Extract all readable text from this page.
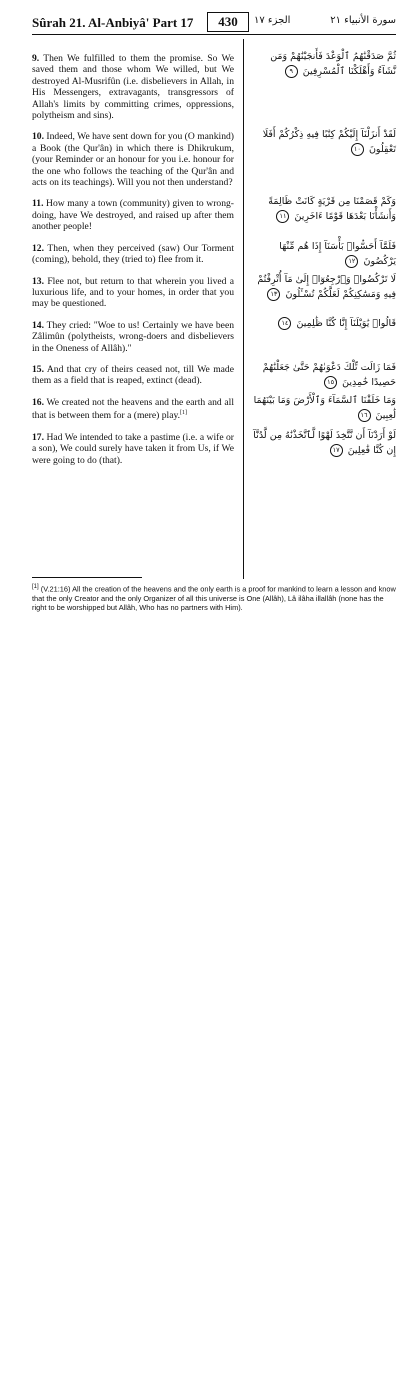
Sûrah 21. Al-Anbiyâ' Part 17	430	الجزء ١٧	سورة الأنبياء ٢١
9. Then We fulfilled to them the promise. So We saved them and those whom We willed, but We destroyed Al-Musrifûn (i.e. disbelievers in Allah, in His Messengers, extravagants, transgressors of Allah's limits by committing crimes, oppressions, polytheism and sins).
ثُمَّ صَدَقْنَٰهُمُ ٱلْوَعْدَ فَأَنجَيْنَٰهُمْ وَمَن نَّشَآءُ وَأَهْلَكْنَا ٱلْمُسْرِفِينَ ٩
10. Indeed, We have sent down for you (O mankind) a Book (the Qur'ân) in which there is Dhikrukum, (your Reminder or an honour for you i.e. honour for the one who follows the teaching of the Qur'ân and acts on its teachings). Will you not then understand?
لَقَدْ أَنزَلْنَآ إِلَيْكُمْ كِتَٰبًا فِيهِ ذِكْرُكُمْ أَفَلَا تَعْقِلُونَ ١٠
11. How many a town (community) given to wrong-doing, have We destroyed, and raised up after them another people!
وَكَمْ قَصَمْنَا مِن قَرْيَةٍ كَانَتْ ظَالِمَةً وَأَنشَأْنَا بَعْدَهَا قَوْمًا ءَاخَرِينَ ١١
12. Then, when they perceived (saw) Our Torment (coming), behold, they (tried to) flee from it.
فَلَمَّآ أَحَسُّوا۟ بَأْسَنَآ إِذَا هُم مِّنْهَا يَرْكُضُونَ ١٢
13. Flee not, but return to that wherein you lived a luxurious life, and to your homes, in order that you may be questioned.
لَا تَرْكُضُوا۟ وَٱرْجِعُوٓا۟ إِلَىٰ مَآ أُتْرِفْتُمْ فِيهِ وَمَسَٰكِنِكُمْ لَعَلَّكُمْ تُسْـَٔلُونَ ١٣
14. They cried: "Woe to us! Certainly we have been Zâlimûn (polytheists, wrong-doers and disbelievers in the Oneness of Allâh)."
قَالُوا۟ يَٰوَيْلَنَآ إِنَّا كُنَّا ظَٰلِمِينَ ١٤
15. And that cry of theirs ceased not, till We made them as a field that is reaped, extinct (dead).
فَمَا زَالَت تِّلْكَ دَعْوَىٰهُمْ حَتَّىٰ جَعَلْنَٰهُمْ حَصِيدًا خَٰمِدِينَ ١٥
16. We created not the heavens and the earth and all that is between them for a (mere) play.[1]
وَمَا خَلَقْنَا ٱلسَّمَآءَ وَٱلْأَرْضَ وَمَا بَيْنَهُمَا لَٰعِبِينَ ١٦
17. Had We intended to take a pastime (i.e. a wife or a son), We could surely have taken it from Us, if We were going to do (that).
لَوْ أَرَدْنَآ أَن نَّتَّخِذَ لَهْوًا لَّٱتَّخَذْنَٰهُ مِن لَّدُنَّآ إِن كُنَّا فَٰعِلِينَ ١٧
[1] (V.21:16) All the creation of the heavens and the only earth is a proof for mankind to learn a lesson and know that the only Creator and the only Organizer of all this universe is One (Allâh), Lâ ilâha illallâh (none has the right to be worshipped but Allâh, Who has no partners with Him).
